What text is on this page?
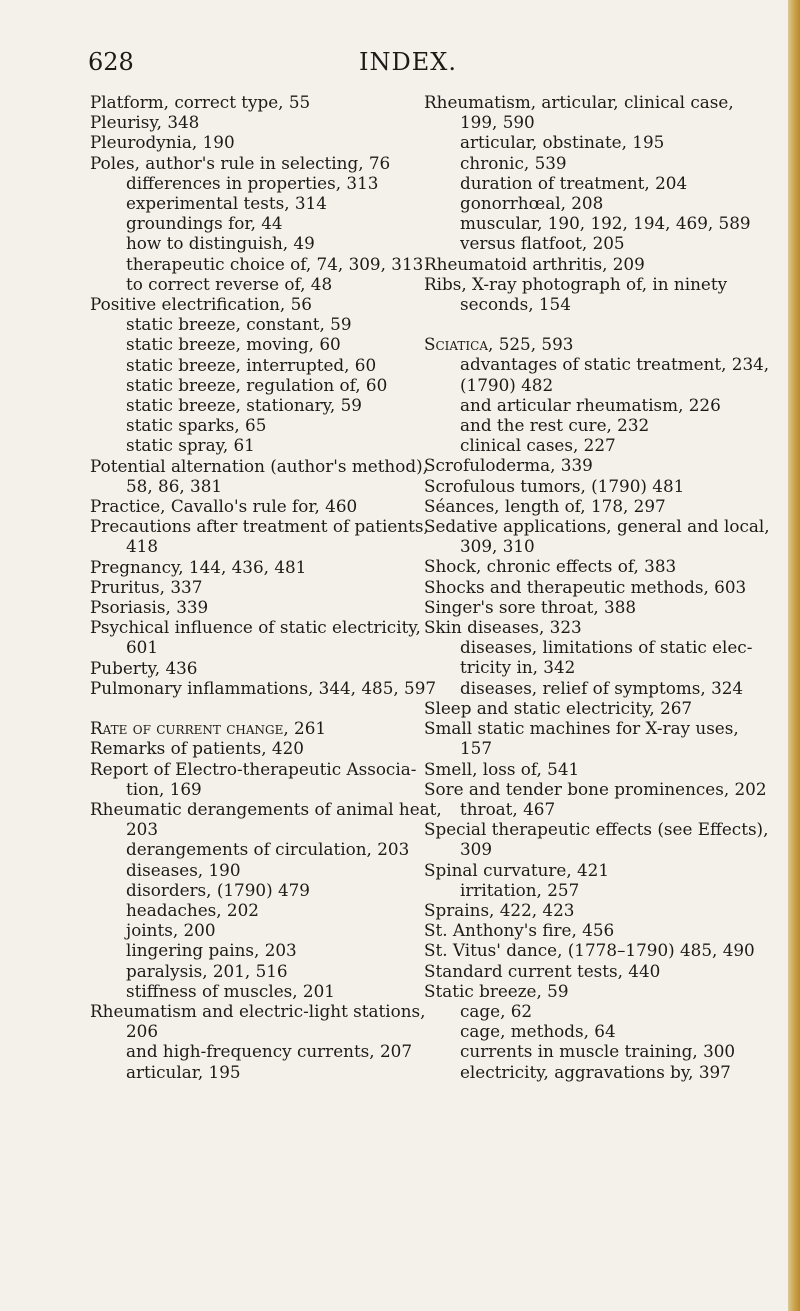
628	INDEX.
Platform, correct type, 55
Pleurisy, 348
Pleurodynia, 190
Poles, author's rule in selecting, 76
differences in properties, 313
experimental tests, 314
groundings for, 44
how to distinguish, 49
therapeutic choice of, 74, 309, 313
to correct reverse of, 48
Positive electrification, 56
static breeze, constant, 59
static breeze, moving, 60
static breeze, interrupted, 60
static breeze, regulation of, 60
static breeze, stationary, 59
static sparks, 65
static spray, 61
Potential alternation (author's method),
58, 86, 381
Practice, Cavallo's rule for, 460
Precautions after treatment of patients,
418
Pregnancy, 144, 436, 481
Pruritus, 337
Psoriasis, 339
Psychical influence of static electricity,
601
Puberty, 436
Pulmonary inflammations, 344, 485, 597
Rate of current change, 261
Remarks of patients, 420
Report of Electro-therapeutic Associa-
tion, 169
Rheumatic derangements of animal heat,
203
derangements of circulation, 203
diseases, 190
disorders, (1790) 479
headaches, 202
joints, 200
lingering pains, 203
paralysis, 201, 516
stiffness of muscles, 201
Rheumatism and electric-light stations,
206
and high-frequency currents, 207
articular, 195
Rheumatism, articular, clinical case,
199, 590
articular, obstinate, 195
chronic, 539
duration of treatment, 204
gonorrhœal, 208
muscular, 190, 192, 194, 469, 589
versus flatfoot, 205
Rheumatoid arthritis, 209
Ribs, X-ray photograph of, in ninety
seconds, 154
Sciatica, 525, 593
advantages of static treatment, 234,
(1790) 482
and articular rheumatism, 226
and the rest cure, 232
clinical cases, 227
Scrofuloderma, 339
Scrofulous tumors, (1790) 481
Séances, length of, 178, 297
Sedative applications, general and local,
309, 310
Shock, chronic effects of, 383
Shocks and therapeutic methods, 603
Singer's sore throat, 388
Skin diseases, 323
diseases, limitations of static elec-
tricity in, 342
diseases, relief of symptoms, 324
Sleep and static electricity, 267
Small static machines for X-ray uses,
157
Smell, loss of, 541
Sore and tender bone prominences, 202
throat, 467
Special therapeutic effects (see Effects),
309
Spinal curvature, 421
irritation, 257
Sprains, 422, 423
St. Anthony's fire, 456
St. Vitus' dance, (1778–1790) 485, 490
Standard current tests, 440
Static breeze, 59
cage, 62
cage, methods, 64
currents in muscle training, 300
electricity, aggravations by, 397
